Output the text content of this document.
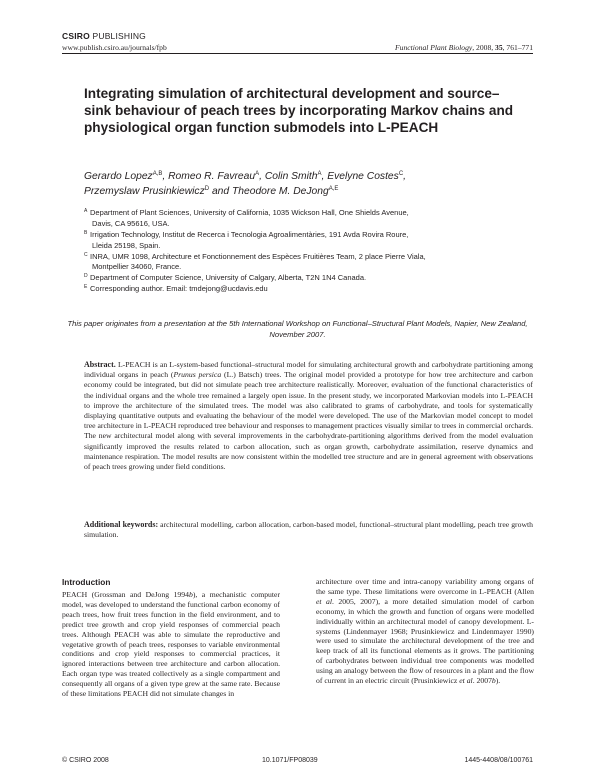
CSIRO PUBLISHING
www.publish.csiro.au/journals/fpb	Functional Plant Biology, 2008, 35, 761–771
Integrating simulation of architectural development and source–sink behaviour of peach trees by incorporating Markov chains and physiological organ function submodels into L-PEACH
Gerardo Lopez$^{A,B}$, Romeo R. Favreau$^A$, Colin Smith$^A$, Evelyne Costes$^C$,
Przemyslaw Prusinkiewicz$^D$ and Theodore M. DeJong$^{A,E}$
A Department of Plant Sciences, University of California, 1035 Wickson Hall, One Shields Avenue,
Davis, CA 95616, USA.
B Irrigation Technology, Institut de Recerca i Tecnologia Agroalimentàries, 191 Avda Rovira Roure,
Lleida 25198, Spain.
C INRA, UMR 1098, Architecture et Fonctionnement des Espèces Fruitières Team, 2 place Pierre Viala,
Montpellier 34060, France.
D Department of Computer Science, University of Calgary, Alberta, T2N 1N4 Canada.
E Corresponding author. Email: tmdejong@ucdavis.edu
This paper originates from a presentation at the 5th International Workshop on Functional–Structural Plant Models, Napier, New Zealand, November 2007.
Abstract. L-PEACH is an L-system-based functional–structural model for simulating architectural growth and carbohydrate partitioning among individual organs in peach (Prunus persica (L.) Batsch) trees. The original model provided a prototype for how tree architecture and carbon economy could be integrated, but did not simulate peach tree architecture realistically. Moreover, evaluation of the functional characteristics of the individual organs and the whole tree remained a largely open issue. In the present study, we incorporated Markovian models into L-PEACH to improve the architecture of the simulated trees. The model was also calibrated to grams of carbohydrate, and tools for systematically displaying quantitative outputs and evaluating the behaviour of the model were developed. The use of the Markovian model concept to model tree architecture in L-PEACH reproduced tree behaviour and responses to management practices visually similar to trees in commercial orchards. The new architectural model along with several improvements in the carbohydrate-partitioning algorithms derived from the model evaluation significantly improved the results related to carbon allocation, such as organ growth, carbohydrate assimilation, reserve dynamics and maintenance respiration. The model results are now consistent within the modelled tree structure and are in general agreement with observations of peach trees growing under field conditions.
Additional keywords: architectural modelling, carbon allocation, carbon-based model, functional–structural plant modelling, peach tree growth simulation.
Introduction

PEACH (Grossman and DeJong 1994b), a mechanistic computer model, was developed to understand the functional carbon economy of peach trees, how fruit trees function in the field environment, and to predict tree growth and crop yield responses of commercial peach trees. Although PEACH was able to simulate the reproductive and vegetative growth of peach trees, responses to variable environmental conditions and crop yield responses to commercial practices, it ignored interactions between tree architecture and carbon allocation. Each organ type was treated collectively as a single compartment and consequently all organs of a given type grew at the same rate. Because of these limitations PEACH did not simulate changes in

architecture over time and intra-canopy variability among organs of the same type. These limitations were overcome in L-PEACH (Allen et al. 2005, 2007), a more detailed simulation model of carbon economy, in which the growth and function of organs were modelled individually within an architectural model of canopy development. L-systems (Lindenmayer 1968; Prusinkiewicz and Lindenmayer 1990) were used to simulate the architectural development of the tree and keep track of all its functional elements as it grows. The partitioning of carbohydrates between individual tree components was modelled using an analogy between the flow of resources in a plant and the flow of current in an electric circuit (Prusinkiewicz et al. 2007b).

© CSIRO 2008	10.1071/FP08039	1445-4408/08/100761
